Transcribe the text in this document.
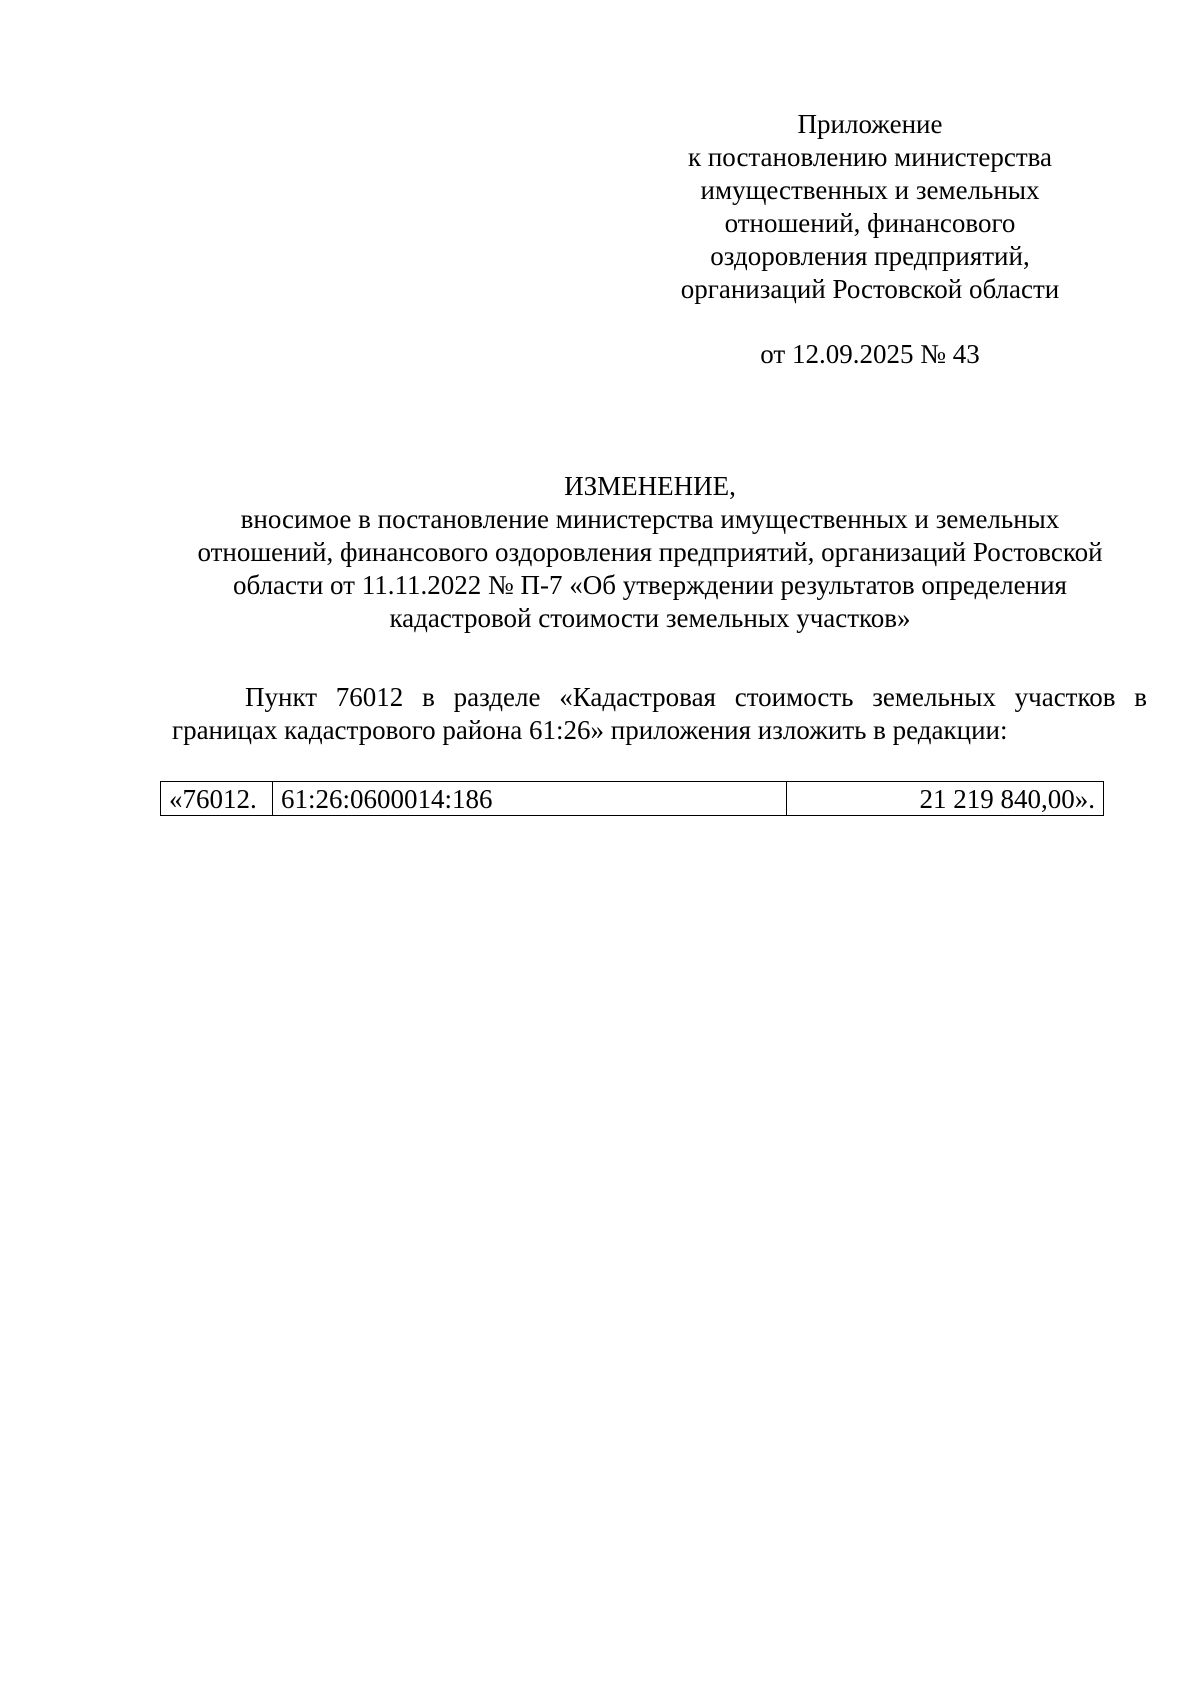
Приложение
к постановлению министерства
имущественных и земельных
отношений, финансового
оздоровления предприятий,
организаций Ростовской области
от 12.09.2025 № 43
ИЗМЕНЕНИЕ,
вносимое в постановление министерства имущественных и земельных
отношений, финансового оздоровления предприятий, организаций Ростовской
области от 11.11.2022 № П-7 «Об утверждении результатов определения
кадастровой стоимости земельных участков»
Пункт 76012 в разделе «Кадастровая стоимость земельных участков в границах кадастрового района 61:26» приложения изложить в редакции:
«76012.	61:26:0600014:186	21 219 840,00».
